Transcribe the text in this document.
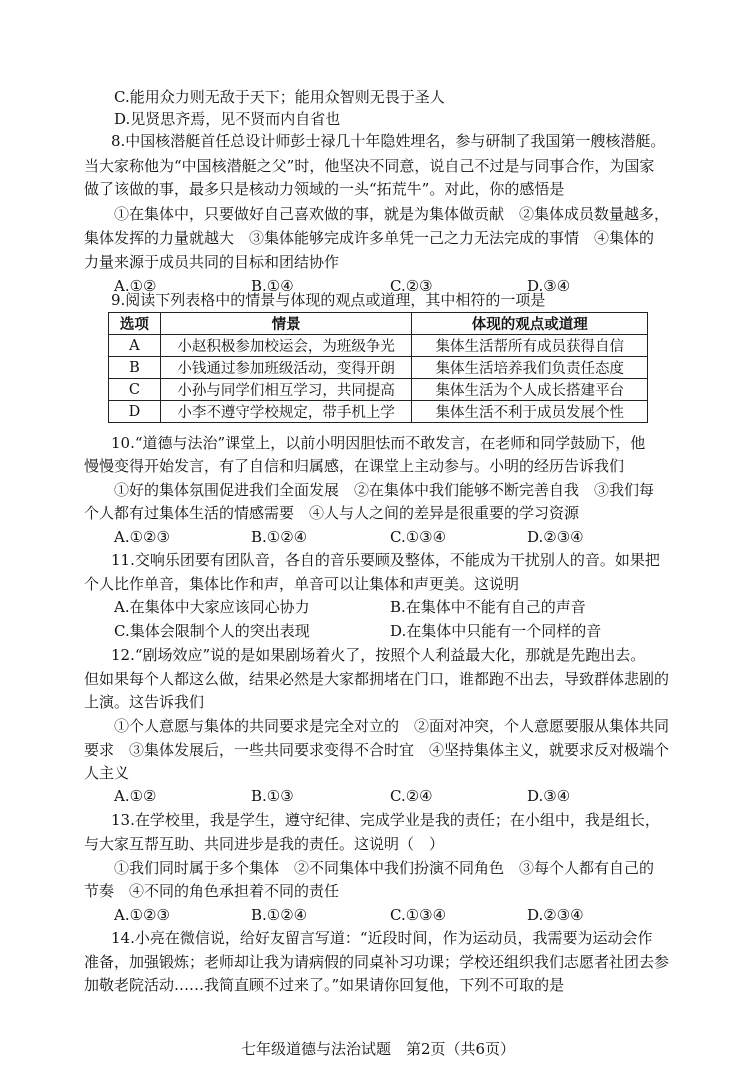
C.能用众力则无敌于天下；能用众智则无畏于圣人
D.见贤思齐焉，见不贤而内自省也
8.中国核潜艇首任总设计师彭士禄几十年隐姓埋名，参与研制了我国第一艘核潜艇。
当大家称他为“中国核潜艇之父”时，他坚决不同意，说自己不过是与同事合作，为国家
做了该做的事，最多只是核动力领域的一头“拓荒牛”。对此，你的感悟是
①在集体中，只要做好自己喜欢做的事，就是为集体做贡献　②集体成员数量越多，
集体发挥的力量就越大　③集体能够完成许多单凭一己之力无法完成的事情　④集体的
力量来源于成员共同的目标和团结协作
A.①②	B.①④	C.②③	D.③④
9.阅读下列表格中的情景与体现的观点或道理，其中相符的一项是
选项	情景	体现的观点或道理
A	小赵积极参加校运会，为班级争光	集体生活帮所有成员获得自信
B	小钱通过参加班级活动，变得开朗	集体生活培养我们负责任态度
C	小孙与同学们相互学习，共同提高	集体生活为个人成长搭建平台
D	小李不遵守学校规定，带手机上学	集体生活不利于成员发展个性
10.“道德与法治”课堂上，以前小明因胆怯而不敢发言，在老师和同学鼓励下，他
慢慢变得开始发言，有了自信和归属感，在课堂上主动参与。小明的经历告诉我们
①好的集体氛围促进我们全面发展　②在集体中我们能够不断完善自我　③我们每
个人都有过集体生活的情感需要　④人与人之间的差异是很重要的学习资源
A.①②③	B.①②④	C.①③④	D.②③④
11.交响乐团要有团队音，各自的音乐要顾及整体，不能成为干扰别人的音。如果把
个人比作单音，集体比作和声，单音可以让集体和声更美。这说明
A.在集体中大家应该同心协力	B.在集体中不能有自己的声音
C.集体会限制个人的突出表现	D.在集体中只能有一个同样的音
12.“剧场效应”说的是如果剧场着火了，按照个人利益最大化，那就是先跑出去。
但如果每个人都这么做，结果必然是大家都拥堵在门口，谁都跑不出去，导致群体悲剧的
上演。这告诉我们
①个人意愿与集体的共同要求是完全对立的　②面对冲突，个人意愿要服从集体共同
要求　③集体发展后，一些共同要求变得不合时宜　④坚持集体主义，就要求反对极端个
人主义
A.①②	B.①③	C.②④	D.③④
13.在学校里，我是学生，遵守纪律、完成学业是我的责任；在小组中，我是组长，
与大家互帮互助、共同进步是我的责任。这说明（　）
①我们同时属于多个集体　②不同集体中我们扮演不同角色　③每个人都有自己的
节奏　④不同的角色承担着不同的责任
A.①②③	B.①②④	C.①③④	D.②③④
14.小亮在微信说，给好友留言写道：“近段时间，作为运动员，我需要为运动会作
准备，加强锻炼；老师却让我为请病假的同桌补习功课；学校还组织我们志愿者社团去参
加敬老院活动……我简直顾不过来了。”如果请你回复他，下列不可取的是
七年级道德与法治试题　第2页（共6页）
